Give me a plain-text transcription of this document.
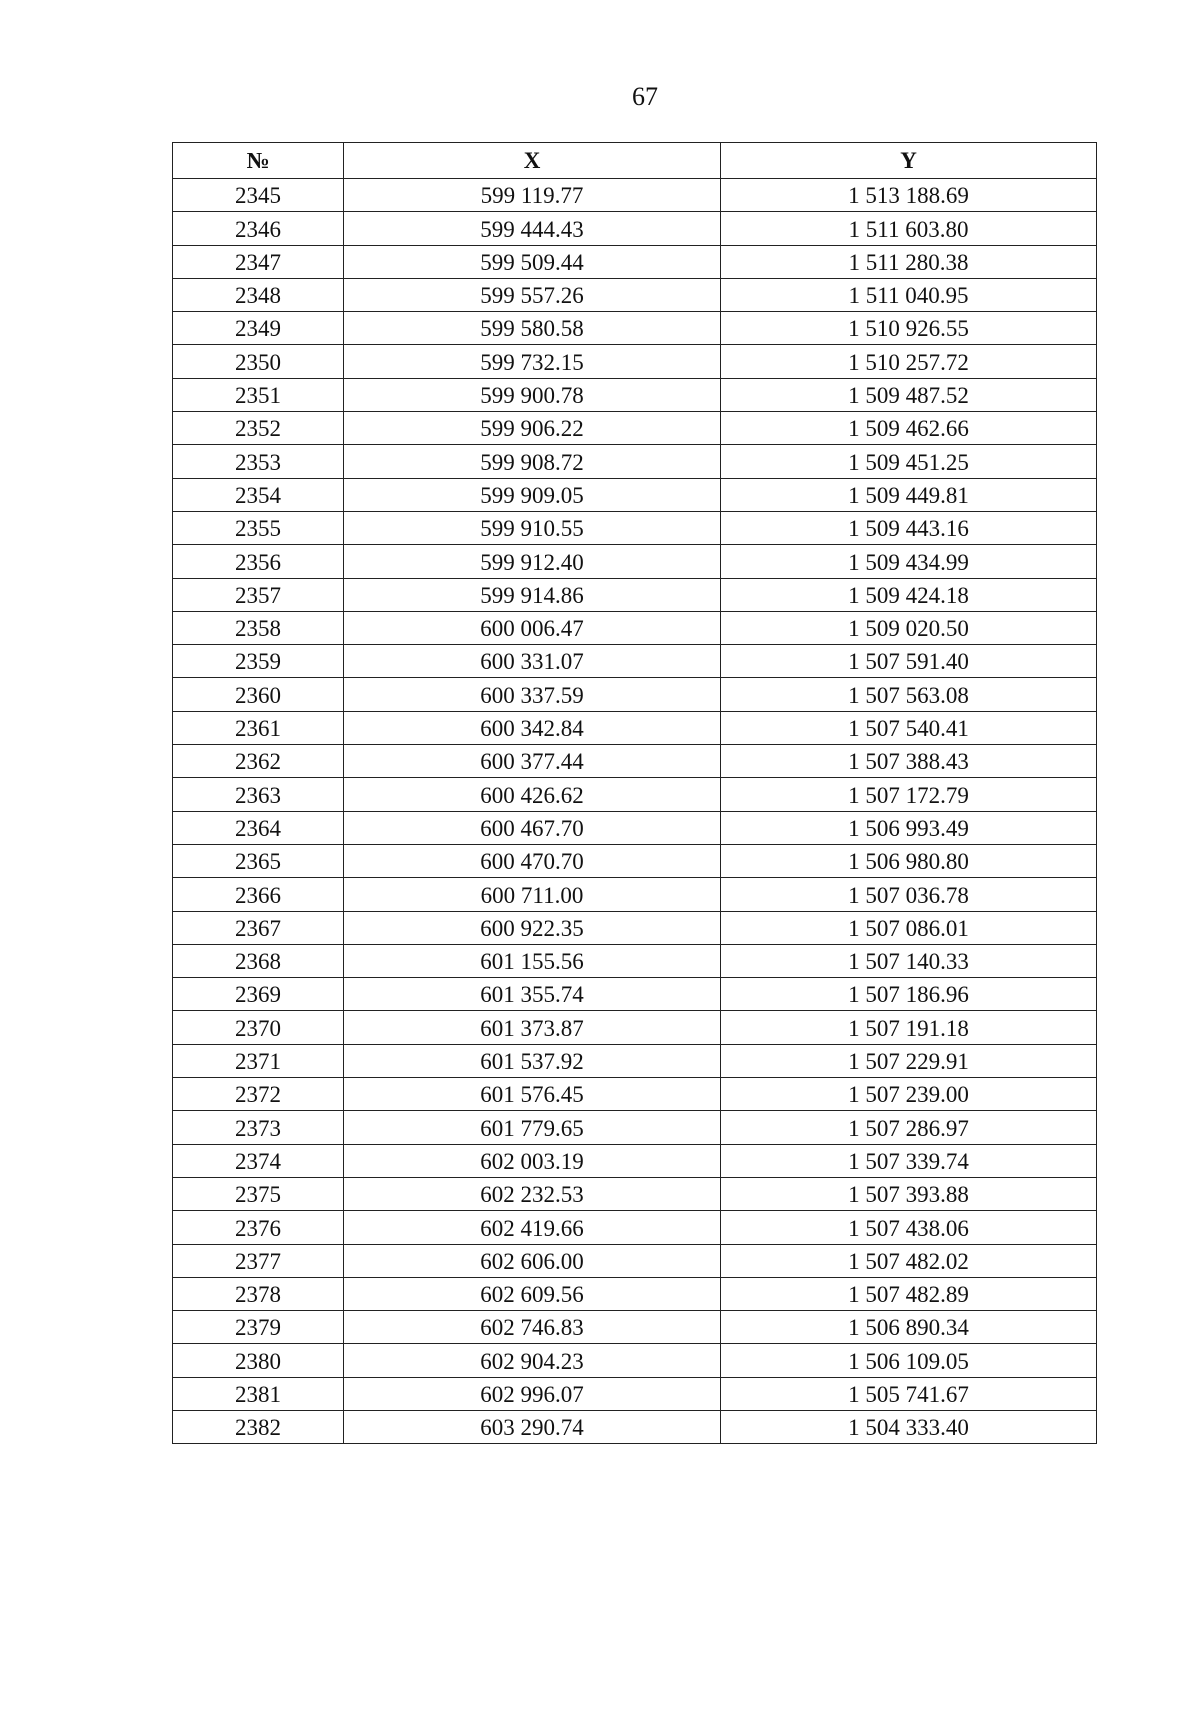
67
№	X	Y
2345	599 119.77	1 513 188.69
2346	599 444.43	1 511 603.80
2347	599 509.44	1 511 280.38
2348	599 557.26	1 511 040.95
2349	599 580.58	1 510 926.55
2350	599 732.15	1 510 257.72
2351	599 900.78	1 509 487.52
2352	599 906.22	1 509 462.66
2353	599 908.72	1 509 451.25
2354	599 909.05	1 509 449.81
2355	599 910.55	1 509 443.16
2356	599 912.40	1 509 434.99
2357	599 914.86	1 509 424.18
2358	600 006.47	1 509 020.50
2359	600 331.07	1 507 591.40
2360	600 337.59	1 507 563.08
2361	600 342.84	1 507 540.41
2362	600 377.44	1 507 388.43
2363	600 426.62	1 507 172.79
2364	600 467.70	1 506 993.49
2365	600 470.70	1 506 980.80
2366	600 711.00	1 507 036.78
2367	600 922.35	1 507 086.01
2368	601 155.56	1 507 140.33
2369	601 355.74	1 507 186.96
2370	601 373.87	1 507 191.18
2371	601 537.92	1 507 229.91
2372	601 576.45	1 507 239.00
2373	601 779.65	1 507 286.97
2374	602 003.19	1 507 339.74
2375	602 232.53	1 507 393.88
2376	602 419.66	1 507 438.06
2377	602 606.00	1 507 482.02
2378	602 609.56	1 507 482.89
2379	602 746.83	1 506 890.34
2380	602 904.23	1 506 109.05
2381	602 996.07	1 505 741.67
2382	603 290.74	1 504 333.40
